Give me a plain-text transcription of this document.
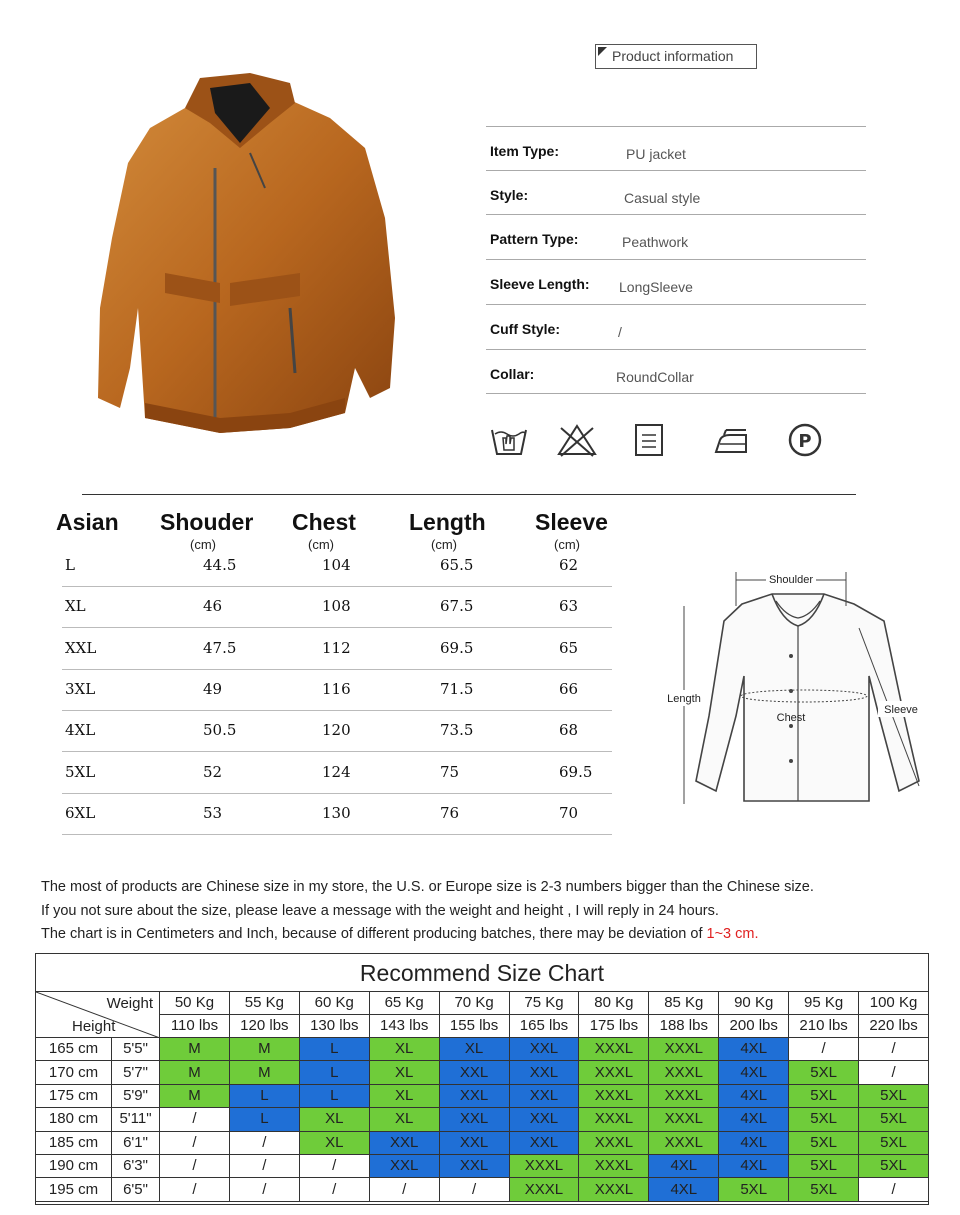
Product information
Item Type:	PU jacket
Style:	Casual style
Pattern Type:	Peathwork
Sleeve Length: LongSleeve
Cuff Style:	/
Collar:	RoundCollar
P
Asian Shouder Chest Length Sleeve
(cm)	(cm)	(cm)	(cm)
L	44.5	104	65.5	62
XL	46	108	67.5	63
XXL	47.5	112	69.5	65
3XL	49	116	71.5	66
4XL	50.5	120	73.5	68
5XL	52	124	75	69.5
6XL	53	130	76	70
Shoulder
Length
Chest
Sleeve
The most of products are Chinese size in my store, the U.S. or Europe size is 2-3 numbers bigger than the Chinese size.
If you not sure about the size, please leave a message with the weight and height , I will reply in 24 hours.
The chart is in Centimeters and Inch, because of different producing batches, there may be deviation of 1~3 cm.
Recommend Size Chart
Weight
Height		50 Kg	55 Kg	60 Kg	65 Kg	70 Kg	75 Kg	80 Kg	85 Kg	90 Kg	95 Kg	100 Kg
		110 lbs	120 lbs	130 lbs	143 lbs	155 lbs	165 lbs	175 lbs	188 lbs	200 lbs	210 lbs	220 lbs
165 cm	5'5"	M	M	L	XL	XL	XXL	XXXL	XXXL	4XL	/	/
170 cm	5'7"	M	M	L	XL	XXL	XXL	XXXL	XXXL	4XL	5XL	/
175 cm	5'9"	M	L	L	XL	XXL	XXL	XXXL	XXXL	4XL	5XL	5XL
180 cm	5'11"	/	L	XL	XL	XXL	XXL	XXXL	XXXL	4XL	5XL	5XL
185 cm	6'1"	/	/	XL	XXL	XXL	XXL	XXXL	XXXL	4XL	5XL	5XL
190 cm	6'3"	/	/	/	XXL	XXL	XXXL	XXXL	4XL	4XL	5XL	5XL
195 cm	6'5"	/	/	/	/	/	XXXL	XXXL	4XL	5XL	5XL	/
